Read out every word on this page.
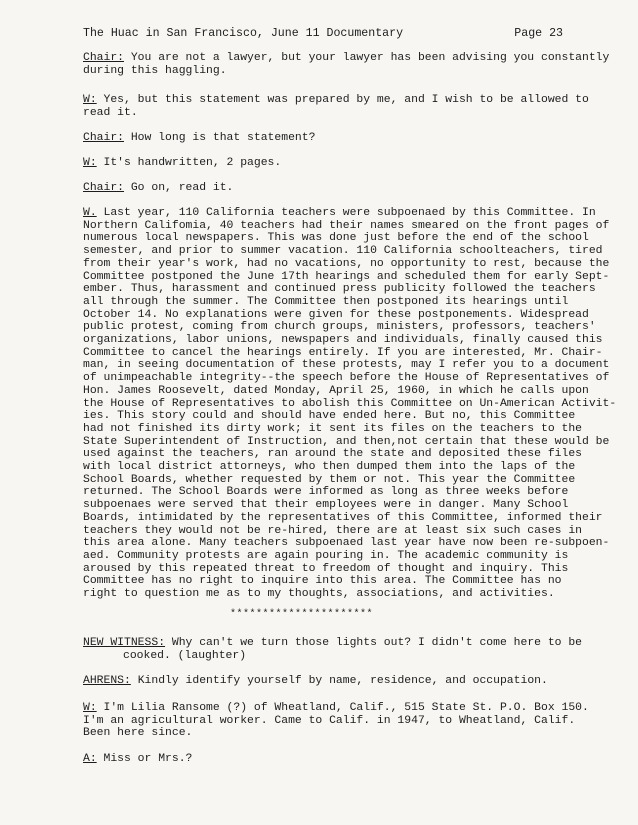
The Huac in San Francisco, June 11 Documentary	Page 23
Chair: You are not a lawyer, but your lawyer has been advising you constantly
during this haggling.
W: Yes, but this statement was prepared by me, and I wish to be allowed to
read it.
Chair: How long is that statement?
W: It's handwritten, 2 pages.
Chair: Go on, read it.
W. Last year, 110 California teachers were subpoenaed by this Committee. In
Northern Califomia, 40 teachers had their names smeared on the front pages of
numerous local newspapers. This was done just before the end of the school
semester, and prior to summer vacation. 110 California schoolteachers, tired
from their year's work, had no vacations, no opportunity to rest, because the
Committee postponed the June 17th hearings and scheduled them for early Sept-
ember. Thus, harassment and continued press publicity followed the teachers
all through the summer. The Committee then postponed its hearings until
October 14. No explanations were given for these postponements. Widespread
public protest, coming from church groups, ministers, professors, teachers'
organizations, labor unions, newspapers and individuals, finally caused this
Committee to cancel the hearings entirely. If you are interested, Mr. Chair-
man, in seeing documentation of these protests, may I refer you to a document
of unimpeachable integrity--the speech before the House of Representatives of
Hon. James Roosevelt, dated Monday, April 25, 1960, in which he calls upon
the House of Representatives to abolish this Committee on Un-American Activit-
ies. This story could and should have ended here. But no, this Committee
had not finished its dirty work; it sent its files on the teachers to the
State Superintendent of Instruction, and then,not certain that these would be
used against the teachers, ran around the state and deposited these files
with local district attorneys, who then dumped them into the laps of the
School Boards, whether requested by them or not. This year the Committee
returned. The School Boards were informed as long as three weeks before
subpoenaes were served that their employees were in danger. Many School
Boards, intimidated by the representatives of this Committee, informed their
teachers they would not be re-hired, there are at least six such cases in
this area alone. Many teachers subpoenaed last year have now been re-subpoen-
aed. Community protests are again pouring in. The academic community is
aroused by this repeated threat to freedom of thought and inquiry. This
Committee has no right to inquire into this area. The Committee has no
right to question me as to my thoughts, associations, and activities.
**********************
NEW WITNESS: Why can't we turn those lights out? I didn't come here to be
cooked. (laughter)
AHRENS: Kindly identify yourself by name, residence, and occupation.
W: I'm Lilia Ransome (?) of Wheatland, Calif., 515 State St. P.O. Box 150.
I'm an agricultural worker. Came to Calif. in 1947, to Wheatland, Calif.
Been here since.
A: Miss or Mrs.?
